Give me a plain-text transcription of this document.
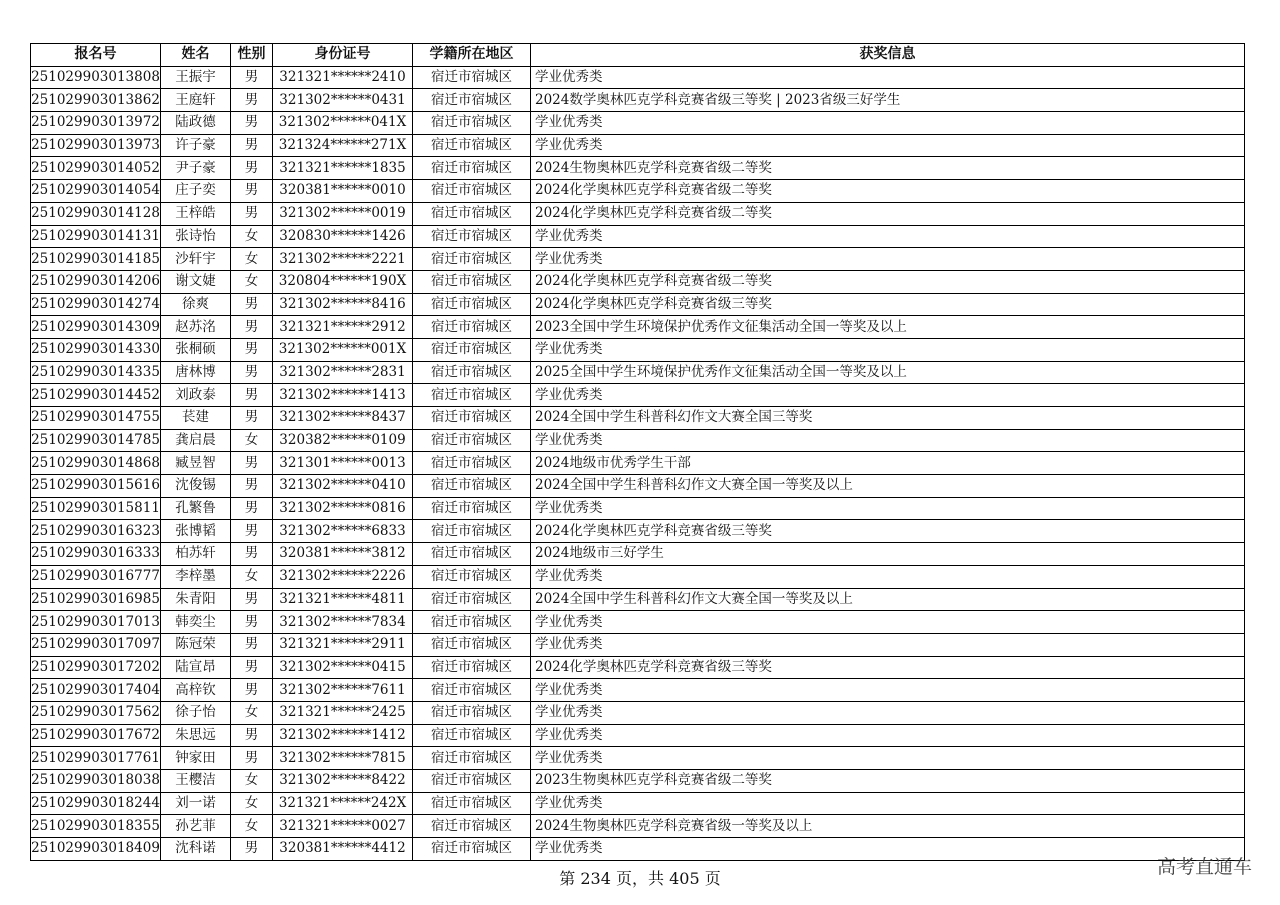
报名号	姓名	性别	身份证号	学籍所在地区	获奖信息
251029903013808	王振宇	男	321321******2410	宿迁市宿城区	学业优秀类
251029903013862	王庭轩	男	321302******0431	宿迁市宿城区	2024数学奥林匹克学科竞赛省级三等奖 | 2023省级三好学生
251029903013972	陆政德	男	321302******041X	宿迁市宿城区	学业优秀类
251029903013973	许子豪	男	321324******271X	宿迁市宿城区	学业优秀类
251029903014052	尹子豪	男	321321******1835	宿迁市宿城区	2024生物奥林匹克学科竞赛省级二等奖
251029903014054	庄子奕	男	320381******0010	宿迁市宿城区	2024化学奥林匹克学科竞赛省级二等奖
251029903014128	王梓皓	男	321302******0019	宿迁市宿城区	2024化学奥林匹克学科竞赛省级二等奖
251029903014131	张诗怡	女	320830******1426	宿迁市宿城区	学业优秀类
251029903014185	沙轩宇	女	321302******2221	宿迁市宿城区	学业优秀类
251029903014206	谢文婕	女	320804******190X	宿迁市宿城区	2024化学奥林匹克学科竞赛省级二等奖
251029903014274	徐爽	男	321302******8416	宿迁市宿城区	2024化学奥林匹克学科竞赛省级三等奖
251029903014309	赵苏洺	男	321321******2912	宿迁市宿城区	2023全国中学生环境保护优秀作文征集活动全国一等奖及以上
251029903014330	张桐硕	男	321302******001X	宿迁市宿城区	学业优秀类
251029903014335	唐林博	男	321302******2831	宿迁市宿城区	2025全国中学生环境保护优秀作文征集活动全国一等奖及以上
251029903014452	刘政泰	男	321302******1413	宿迁市宿城区	学业优秀类
251029903014755	苌建	男	321302******8437	宿迁市宿城区	2024全国中学生科普科幻作文大赛全国三等奖
251029903014785	龚启晨	女	320382******0109	宿迁市宿城区	学业优秀类
251029903014868	臧昱智	男	321301******0013	宿迁市宿城区	2024地级市优秀学生干部
251029903015616	沈俊锡	男	321302******0410	宿迁市宿城区	2024全国中学生科普科幻作文大赛全国一等奖及以上
251029903015811	孔繁鲁	男	321302******0816	宿迁市宿城区	学业优秀类
251029903016323	张博韬	男	321302******6833	宿迁市宿城区	2024化学奥林匹克学科竞赛省级三等奖
251029903016333	柏苏轩	男	320381******3812	宿迁市宿城区	2024地级市三好学生
251029903016777	李梓墨	女	321302******2226	宿迁市宿城区	学业优秀类
251029903016985	朱青阳	男	321321******4811	宿迁市宿城区	2024全国中学生科普科幻作文大赛全国一等奖及以上
251029903017013	韩奕尘	男	321302******7834	宿迁市宿城区	学业优秀类
251029903017097	陈冠荣	男	321321******2911	宿迁市宿城区	学业优秀类
251029903017202	陆宣昂	男	321302******0415	宿迁市宿城区	2024化学奥林匹克学科竞赛省级三等奖
251029903017404	高梓钦	男	321302******7611	宿迁市宿城区	学业优秀类
251029903017562	徐子怡	女	321321******2425	宿迁市宿城区	学业优秀类
251029903017672	朱思远	男	321302******1412	宿迁市宿城区	学业优秀类
251029903017761	钟家田	男	321302******7815	宿迁市宿城区	学业优秀类
251029903018038	王樱洁	女	321302******8422	宿迁市宿城区	2023生物奥林匹克学科竞赛省级二等奖
251029903018244	刘一诺	女	321321******242X	宿迁市宿城区	学业优秀类
251029903018355	孙艺菲	女	321321******0027	宿迁市宿城区	2024生物奥林匹克学科竞赛省级一等奖及以上
251029903018409	沈科诺	男	320381******4412	宿迁市宿城区	学业优秀类
第 234 页，共 405 页
高考直通车
